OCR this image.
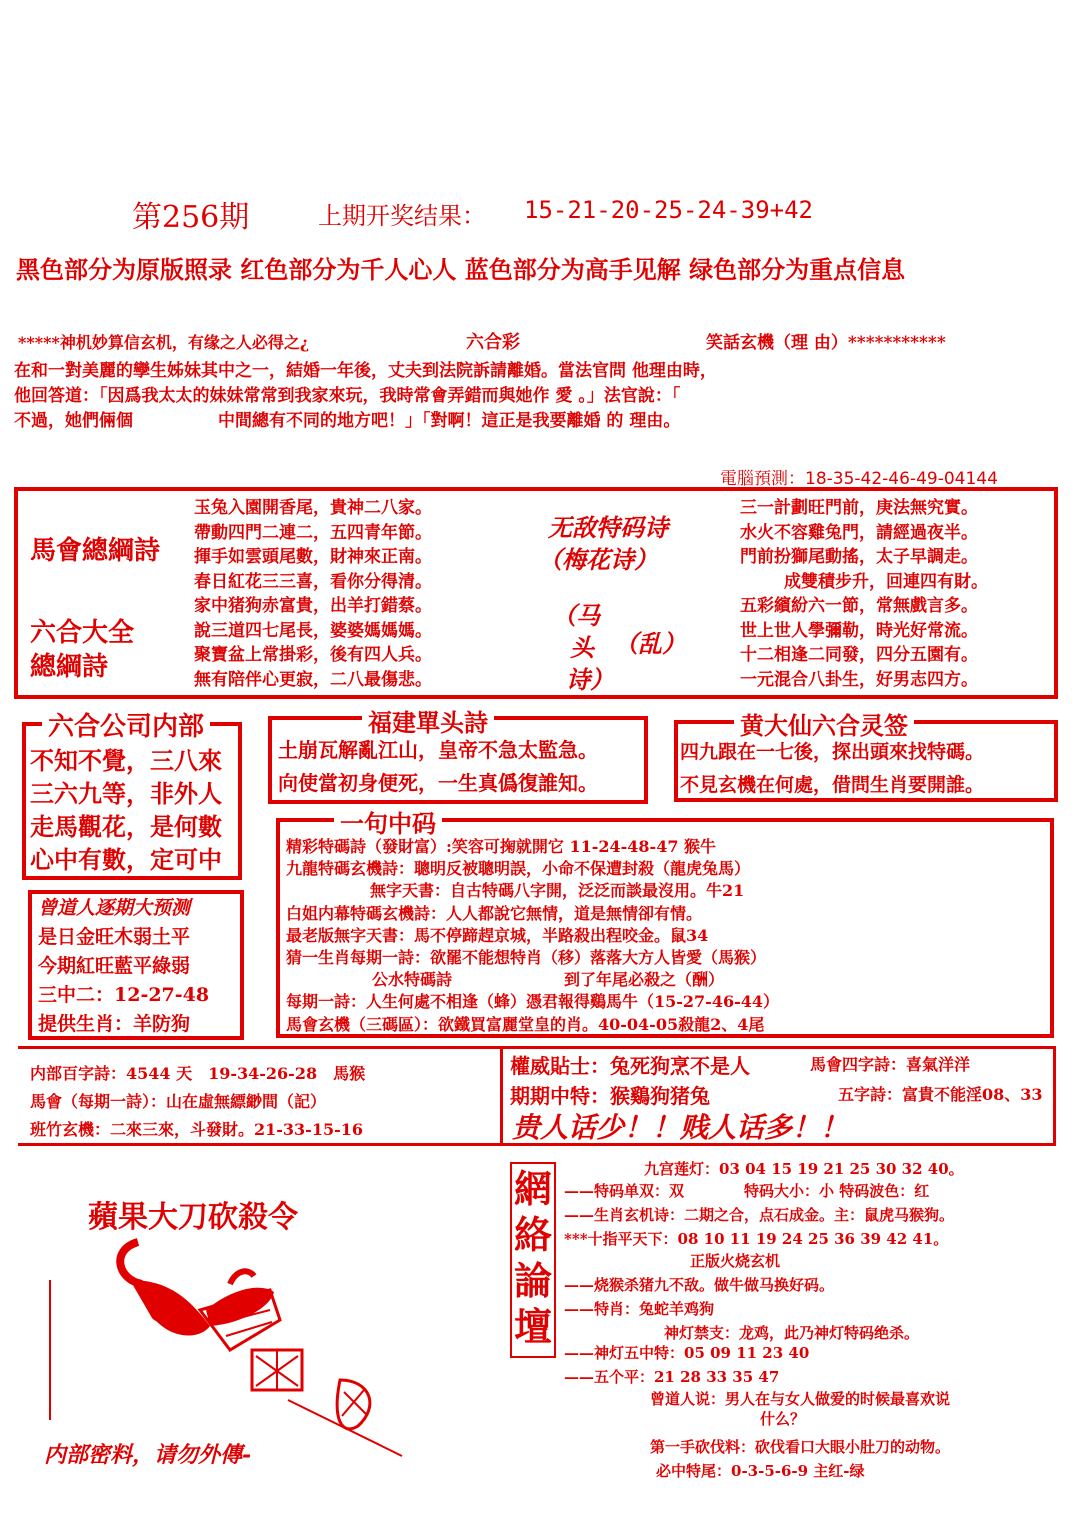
第256期	上期开奖结果： 15-21-20-25-24-39+42
黑色部分为原版照录 红色部分为千人心人 蓝色部分为高手见解 绿色部分为重点信息
*****神机妙算信玄机，有缘之人必得之¿	六合彩	笑話玄機（理 由）***********
在和一對美麗的孿生姊妹其中之一，結婚一年後，丈夫到法院訴請離婚。當法官問 他理由時，
他回答道：「因爲我太太的妹妹常常到我家來玩，我時常會弄錯而與她作 愛 。」法官說：「
不過，她們倆個　　　　　中間總有不同的地方吧！」「對啊！這正是我要離婚 的 理由。
電腦預測：18-35-42-46-49-04144
馬會總綱詩
六合大全
總綱詩
玉兔入園開香尾，貴神二八家。
帶動四門二連二，五四青年節。
揮手如雲頭尾數，財神來正南。
春日紅花三三喜，看你分得清。
家中猪狗赤富貴，出羊打錯蔡。
說三道四七尾長，婆婆媽媽媽。
聚寶盆上常掛彩，後有四人兵。
無有陪伴心更寂，二八最傷悲。
无敌特码诗
（梅花诗）
（马
头 （乱）
诗）
三一計劃旺門前，庚法無究實。
水火不容雞兔門，請經過夜半。
門前扮獅尾動搖，太子早調走。
成雙積步升，回連四有財。
五彩繽紛六一節，常無戲言多。
世上世人學彌勒，時光好常流。
十二相逢二同發，四分五園有。
一元混合八卦生，好男志四方。
六合公司内部
不知不覺，三八來
三六九等，非外人
走馬觀花，是何數
心中有數，定可中
福建單头詩
土崩瓦解亂江山，皇帝不急太監急。
向使當初身便死，一生真僞復誰知。
黄大仙六合灵签
四九跟在一七後，探出頭來找特碼。
不見玄機在何處，借問生肖要開誰。
曾道人逐期大预测
是日金旺木弱土平
今期紅旺藍平綠弱
三中二：12-27-48
提供生肖：羊防狗
一句中码
精彩特碼詩（發財富）:笑容可掬就開它 11-24-48-47 猴牛
九龍特碼玄機詩：聰明反被聰明誤，小命不保遭封殺（龍虎兔馬）
無字天書：自古特碼八字開，泛泛而談最沒用。牛21
白姐内幕特碼玄機詩：人人都說它無情，道是無情卻有情。
最老版無字天書：馬不停蹄趕京城，半路殺出程咬金。鼠34
猜一生肖每期一詩：欲罷不能想特肖（移）落落大方人皆愛（馬猴）
公水特碼詩　　　　　　　到了年尾必殺之（酬）
每期一詩：人生何處不相逢（蜂）憑君報得鷄馬牛（15-27-46-44）
馬會玄機（三碼區）：欲鐵買富麗堂皇的肖。40-04-05殺龍2、4尾
内部百字詩：4544 天　19-34-26-28　馬猴
馬會（每期一詩）：山在虛無縹緲間（記）
班竹玄機：二來三來，斗發財。21-33-15-16
權威貼士：兔死狗烹不是人	馬會四字詩：喜氣洋洋
期期中特：猴鷄狗猪兔	五字詩：富貴不能淫08、33
贵人话少！！贱人话多！！
蘋果大刀砍殺令
内部密料，请勿外傳-
網
絡
論
壇
九宫莲灯：03 04 15 19 21 25 30 32 40。
——特码单双：双　　　　特码大小：小 特码波色：红
——生肖玄机诗：二期之合，点石成金。主：鼠虎马猴狗。
***十指平天下：08 10 11 19 24 25 36 39 42 41。
正版火烧玄机
——烧猴杀猪九不敌。做牛做马换好码。
——特肖：兔蛇羊鸡狗
神灯禁支：龙鸡，此乃神灯特码绝杀。
——神灯五中特：05 09 11 23 40
——五个平：21 28 33 35 47
曾道人说：男人在与女人做爱的时候最喜欢说
什么？
第一手砍伐料：砍伐看口大眼小肚刀的动物。
必中特尾：0-3-5-6-9 主红-绿
